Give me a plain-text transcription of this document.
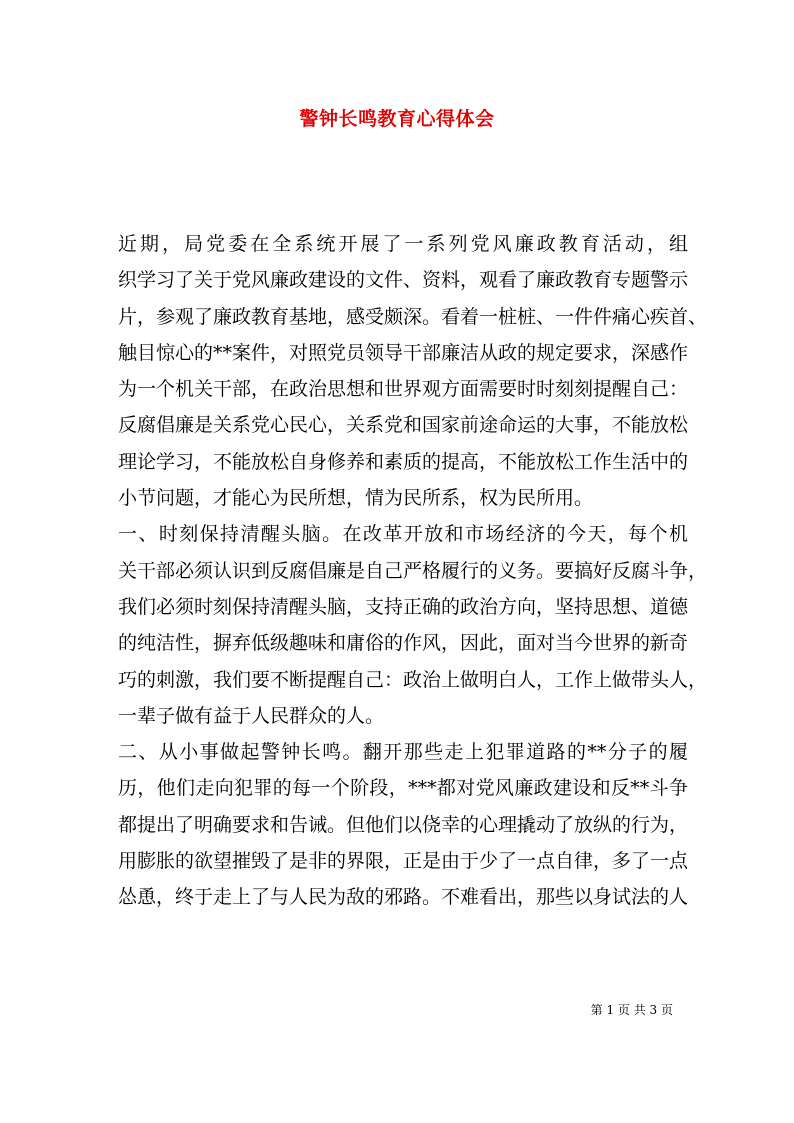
警钟长鸣教育心得体会
近期，局党委在全系统开展了一系列党风廉政教育活动，组
织学习了关于党风廉政建设的文件、资料，观看了廉政教育专题警示
片，参观了廉政教育基地，感受颇深。看着一桩桩、一件件痛心疾首、
触目惊心的**案件，对照党员领导干部廉洁从政的规定要求，深感作
为一个机关干部，在政治思想和世界观方面需要时时刻刻提醒自己：
反腐倡廉是关系党心民心，关系党和国家前途命运的大事，不能放松
理论学习，不能放松自身修养和素质的提高，不能放松工作生活中的
小节问题，才能心为民所想，情为民所系，权为民所用。
一、时刻保持清醒头脑。在改革开放和市场经济的今天，每个机
关干部必须认识到反腐倡廉是自己严格履行的义务。要搞好反腐斗争，
我们必须时刻保持清醒头脑，支持正确的政治方向，坚持思想、道德
的纯洁性，摒弃低级趣味和庸俗的作风，因此，面对当今世界的新奇
巧的刺激，我们要不断提醒自己：政治上做明白人，工作上做带头人，
一辈子做有益于人民群众的人。
二、从小事做起警钟长鸣。翻开那些走上犯罪道路的**分子的履
历，他们走向犯罪的每一个阶段，***都对党风廉政建设和反**斗争
都提出了明确要求和告诫。但他们以侥幸的心理撬动了放纵的行为，
用膨胀的欲望摧毁了是非的界限，正是由于少了一点自律，多了一点
怂恿，终于走上了与人民为敌的邪路。不难看出，那些以身试法的人
第 1 页 共 3 页
